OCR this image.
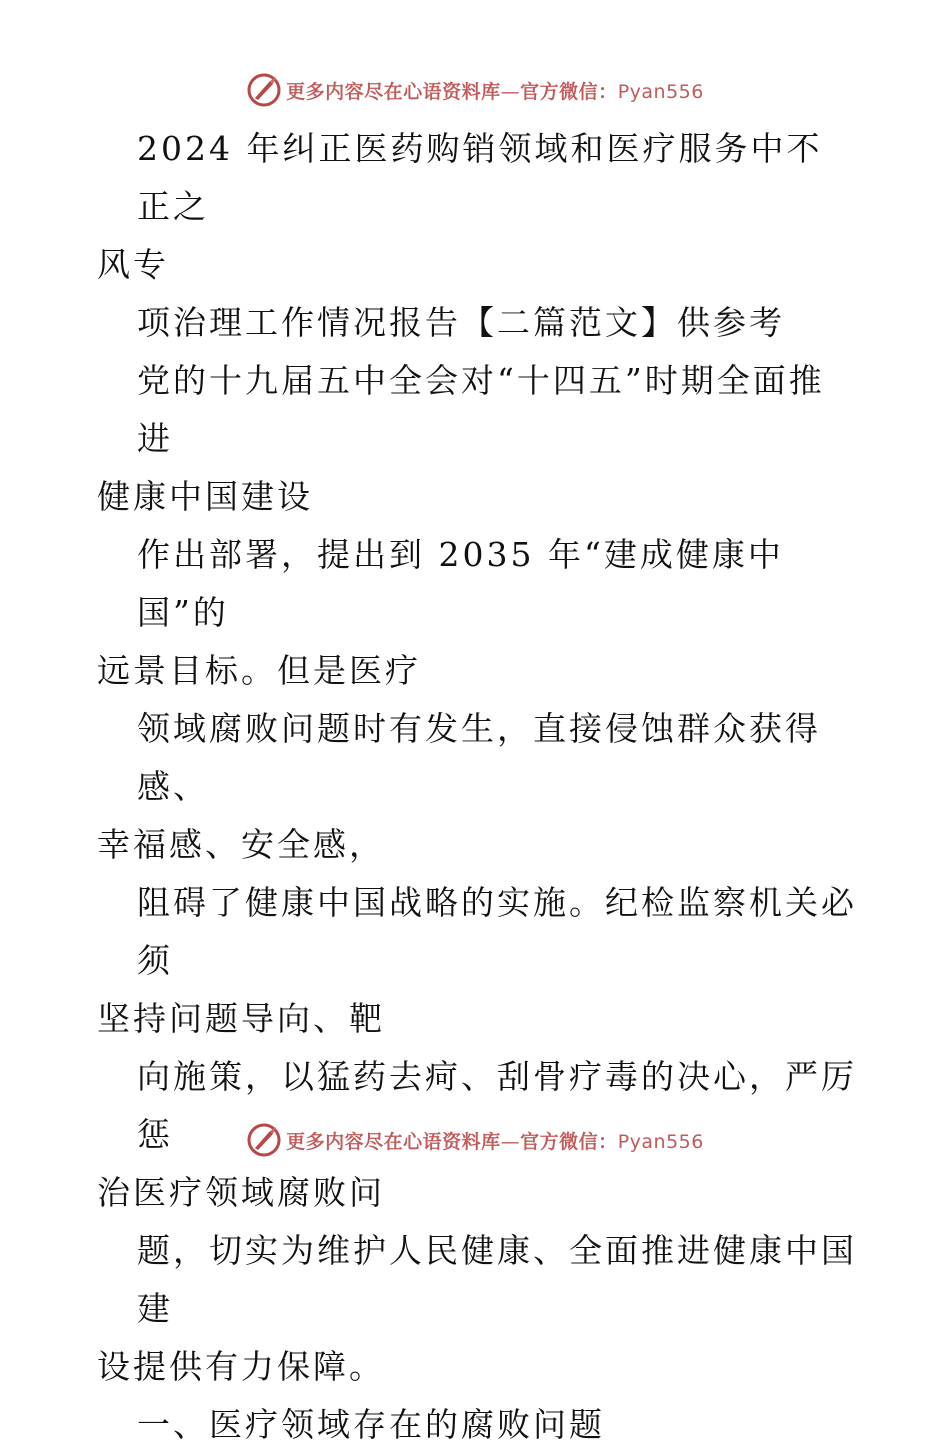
更多内容尽在心语资料库—官方微信：Pyan556
2024 年纠正医药购销领域和医疗服务中不正之
风专
项治理工作情况报告【二篇范文】供参考
党的十九届五中全会对“十四五”时期全面推进
健康中国建设
作出部署，提出到 2035 年“建成健康中国”的
远景目标。但是医疗
领域腐败问题时有发生，直接侵蚀群众获得感、
幸福感、安全感，
阻碍了健康中国战略的实施。纪检监察机关必须
坚持问题导向、靶
向施策，以猛药去疴、刮骨疗毒的决心，严厉惩
治医疗领域腐败问
题，切实为维护人民健康、全面推进健康中国建
设提供有力保障。
一、医疗领域存在的腐败问题
更多内容尽在心语资料库—官方微信：Pyan556
